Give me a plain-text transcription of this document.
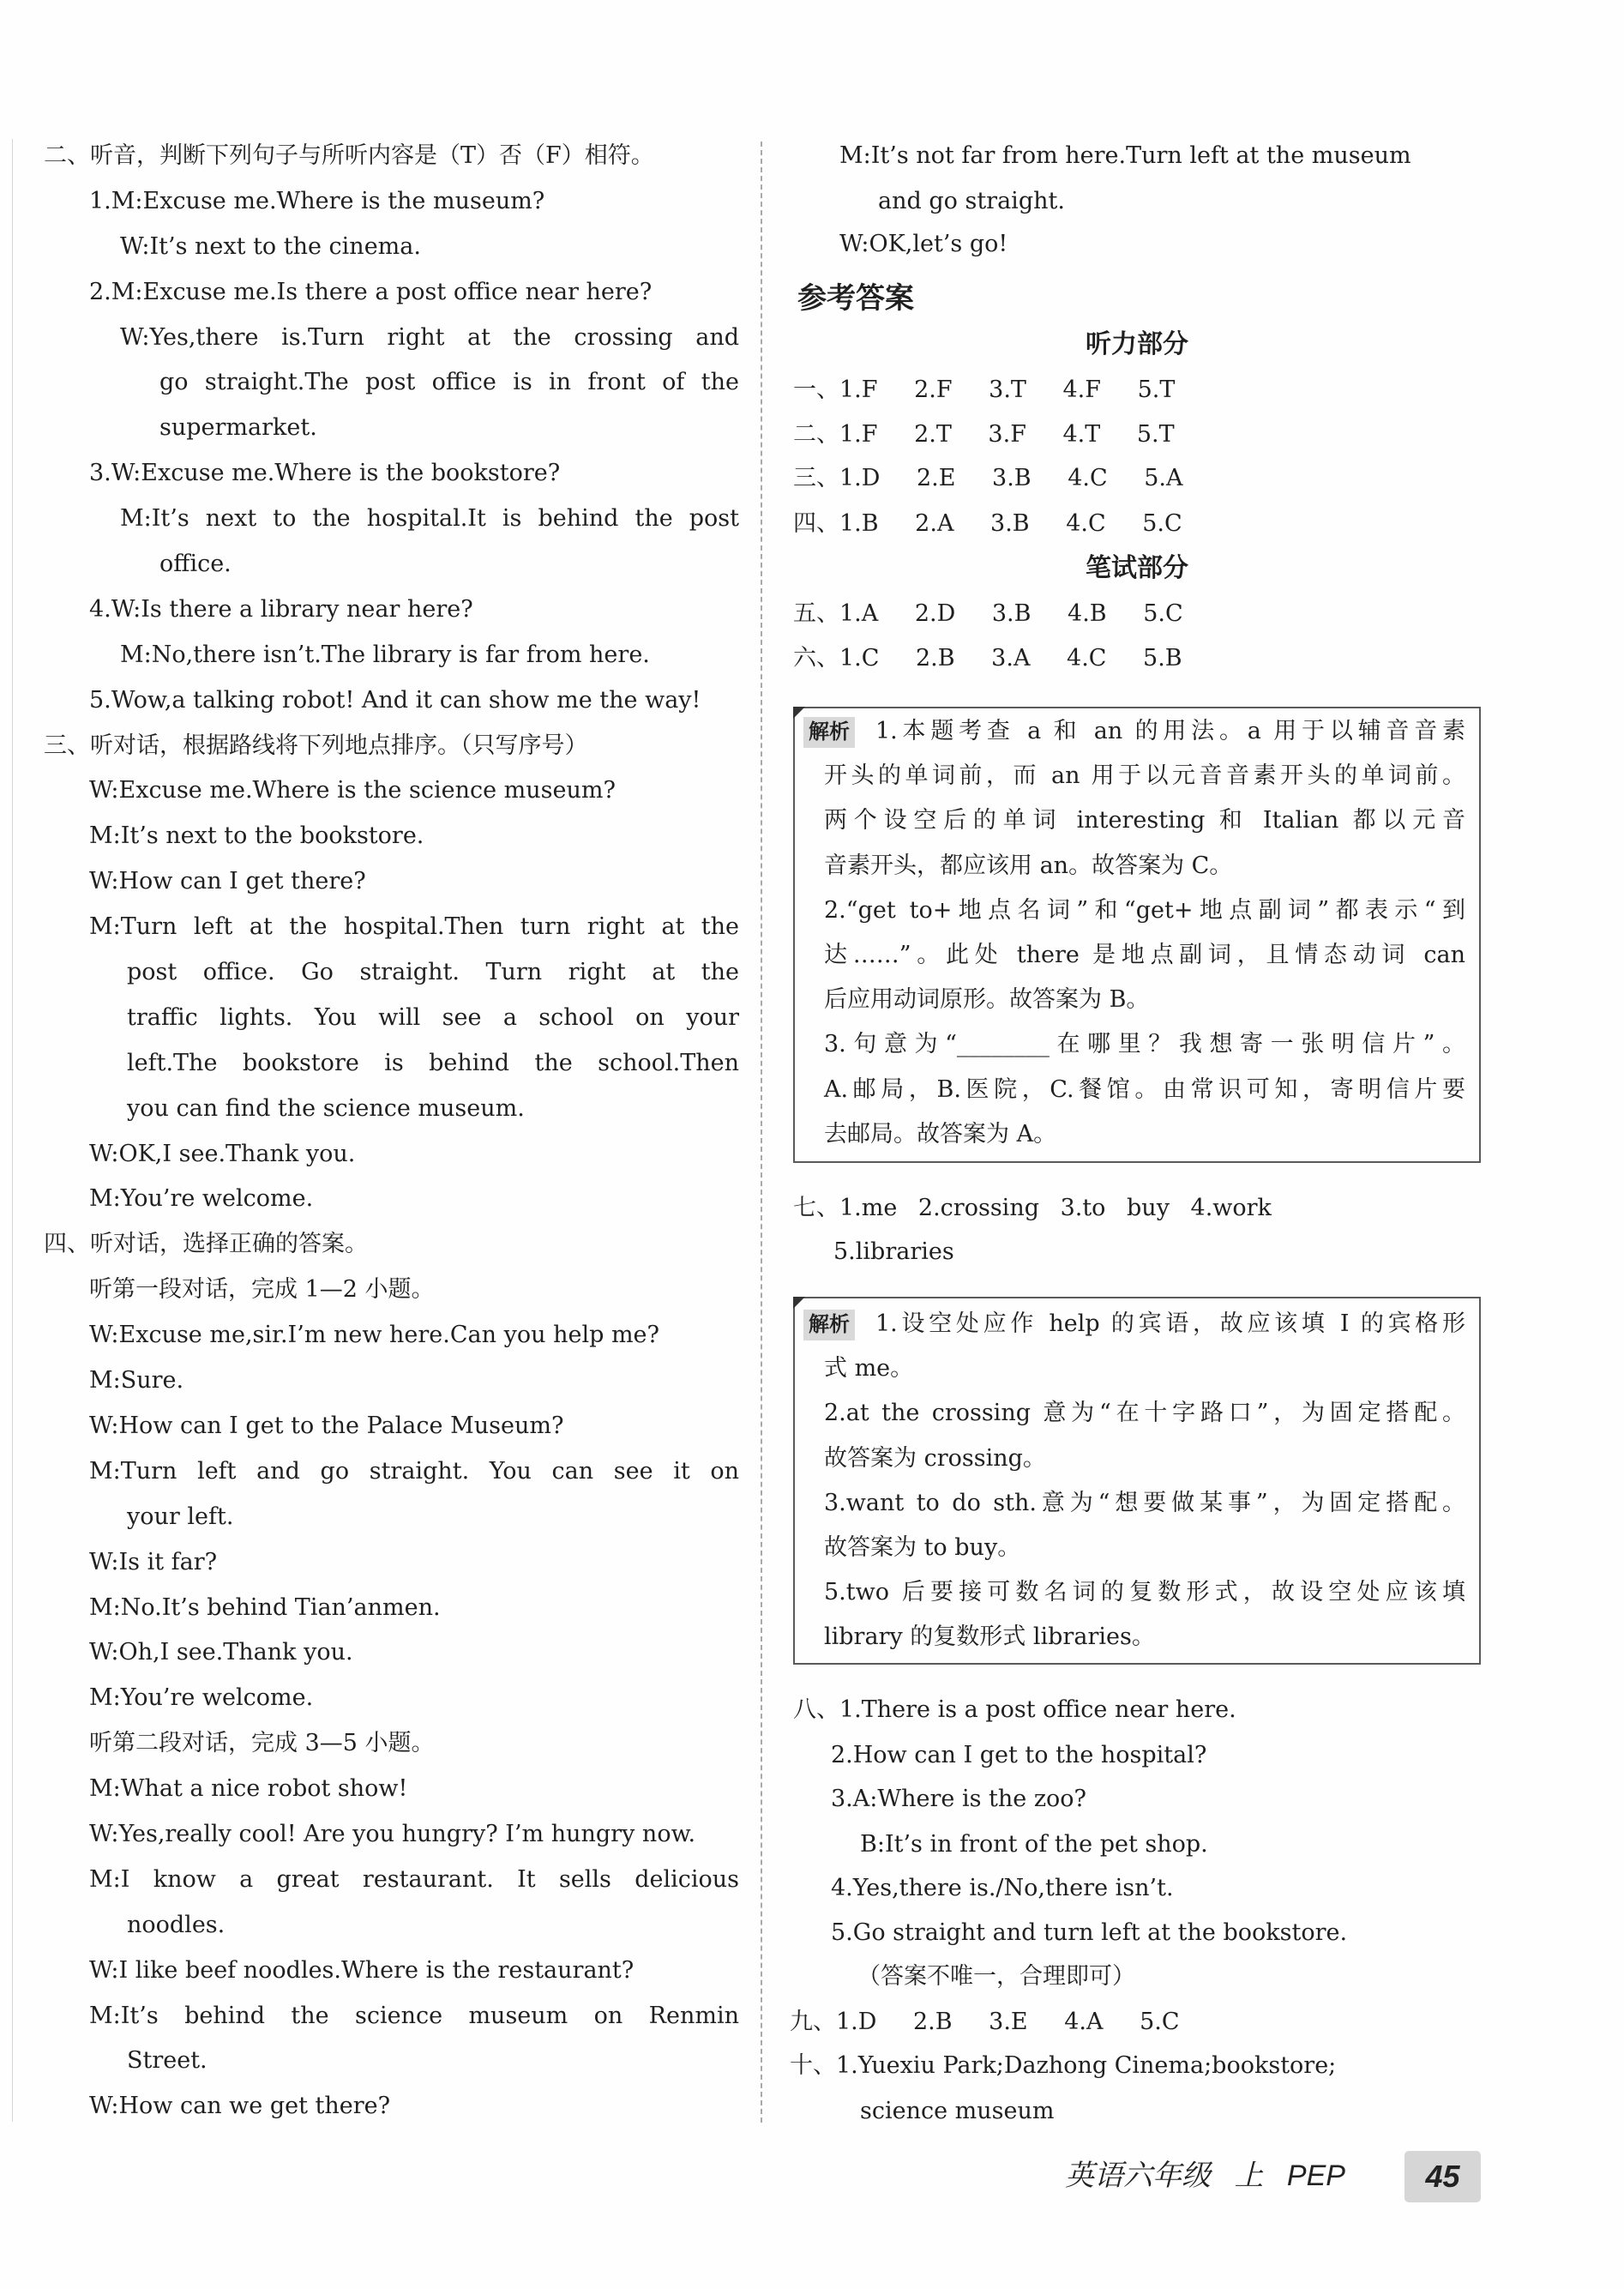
二、听音，判断下列句子与所听内容是（T）否（F）相符。
1.M:Excuse me.Where is the museum?
W:It’s next to the cinema.
2.M:Excuse me.Is there a post office near here?
W:Yes,there is.Turn right at the crossing and
go straight.The post office is in front of the
supermarket.
3.W:Excuse me.Where is the bookstore?
M:It’s next to the hospital.It is behind the post
office.
4.W:Is there a library near here?
M:No,there isn’t.The library is far from here.
5.Wow,a talking robot! And it can show me the way!
三、听对话，根据路线将下列地点排序。（只写序号）
W:Excuse me.Where is the science museum?
M:It’s next to the bookstore.
W:How can I get there?
M:Turn left at the hospital.Then turn right at the
post office. Go straight. Turn right at the
traffic lights. You will see a school on your
left.The bookstore is behind the school.Then
you can find the science museum.
W:OK,I see.Thank you.
M:You’re welcome.
四、听对话，选择正确的答案。
听第一段对话，完成 1—2 小题。
W:Excuse me,sir.I’m new here.Can you help me?
M:Sure.
W:How can I get to the Palace Museum?
M:Turn left and go straight. You can see it on
your left.
W:Is it far?
M:No.It’s behind Tian’anmen.
W:Oh,I see.Thank you.
M:You’re welcome.
听第二段对话，完成 3—5 小题。
M:What a nice robot show!
W:Yes,really cool! Are you hungry? I’m hungry now.
M:I know a great restaurant. It sells delicious
noodles.
W:I like beef noodles.Where is the restaurant?
M:It’s behind the science museum on Renmin
Street.
W:How can we get there?
M:It’s not far from here.Turn left at the museum
and go straight.
W:OK,let’s go!
参考答案
听力部分
一、1.F 2.F 3.T 4.F 5.T
二、1.F 2.T 3.F 4.T 5.T
三、1.D 2.E 3.B 4.C 5.A
四、1.B 2.A 3.B 4.C 5.C
笔试部分
五、1.A 2.D 3.B 4.B 5.C
六、1.C 2.B 3.A 4.C 5.B
解析	1.本题考查 a 和 an 的用法。a 用于以辅音音素
开头的单词前，而 an 用于以元音音素开头的单词前。
两个设空后的单词 interesting 和 Italian 都以元音
音素开头，都应该用 an。故答案为 C。
2.“get to+地点名词”和“get+地点副词”都表示“到
达……”。此处 there 是地点副词，且情态动词 can
后应用动词原形。故答案为 B。
3.句意为“________在哪里？我想寄一张明信片”。
A.邮局，B.医院，C.餐馆。由常识可知，寄明信片要
去邮局。故答案为 A。
七、1.me 2.crossing 3.to buy 4.work
5.libraries
解析	1.设空处应作 help 的宾语，故应该填 I 的宾格形
式 me。
2.at the crossing 意为“在十字路口”，为固定搭配。
故答案为 crossing。
3.want to do sth.意为“想要做某事”，为固定搭配。
故答案为 to buy。
5.two 后要接可数名词的复数形式，故设空处应该填
library 的复数形式 libraries。
八、1.There is a post office near here.
2.How can I get to the hospital?
3.A:Where is the zoo?
B:It’s in front of the pet shop.
4.Yes,there is./No,there isn’t.
5.Go straight and turn left at the bookstore.
（答案不唯一，合理即可）
九、1.D 2.B 3.E 4.A 5.C
十、1.Yuexiu Park;Dazhong Cinema;bookstore;
science museum
英语六年级 上 PEP	45
